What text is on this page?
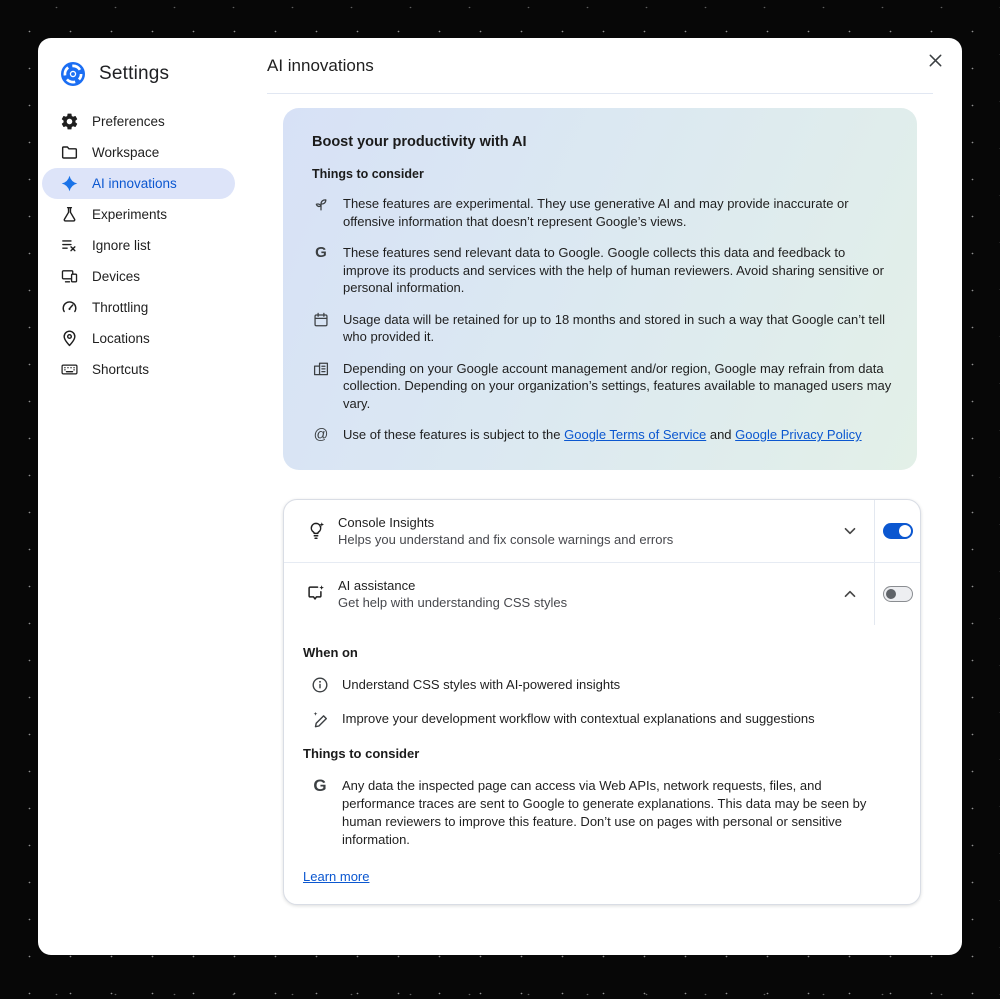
Settings
Preferences
Workspace
AI innovations
Experiments
Ignore list
Devices
Throttling
Locations
Shortcuts
AI innovations
Boost your productivity with AI
Things to consider
These features are experimental. They use generative AI and may provide inaccurate or offensive information that doesn’t represent Google’s views.
G These features send relevant data to Google. Google collects this data and feedback to improve its products and services with the help of human reviewers. Avoid sharing sensitive or personal information.
Usage data will be retained for up to 18 months and stored in such a way that Google can’t tell who provided it.
Depending on your Google account management and/or region, Google may refrain from data collection. Depending on your organization’s settings, features available to managed users may vary.
@ Use of these features is subject to the Google Terms of Service and Google Privacy Policy
Console Insights
Helps you understand and fix console warnings and errors
AI assistance
Get help with understanding CSS styles
When on
Understand CSS styles with AI-powered insights
Improve your development workflow with contextual explanations and suggestions
Things to consider
G Any data the inspected page can access via Web APIs, network requests, files, and performance traces are sent to Google to generate explanations. This data may be seen by human reviewers to improve this feature. Don’t use on pages with personal or sensitive information.
Learn more
